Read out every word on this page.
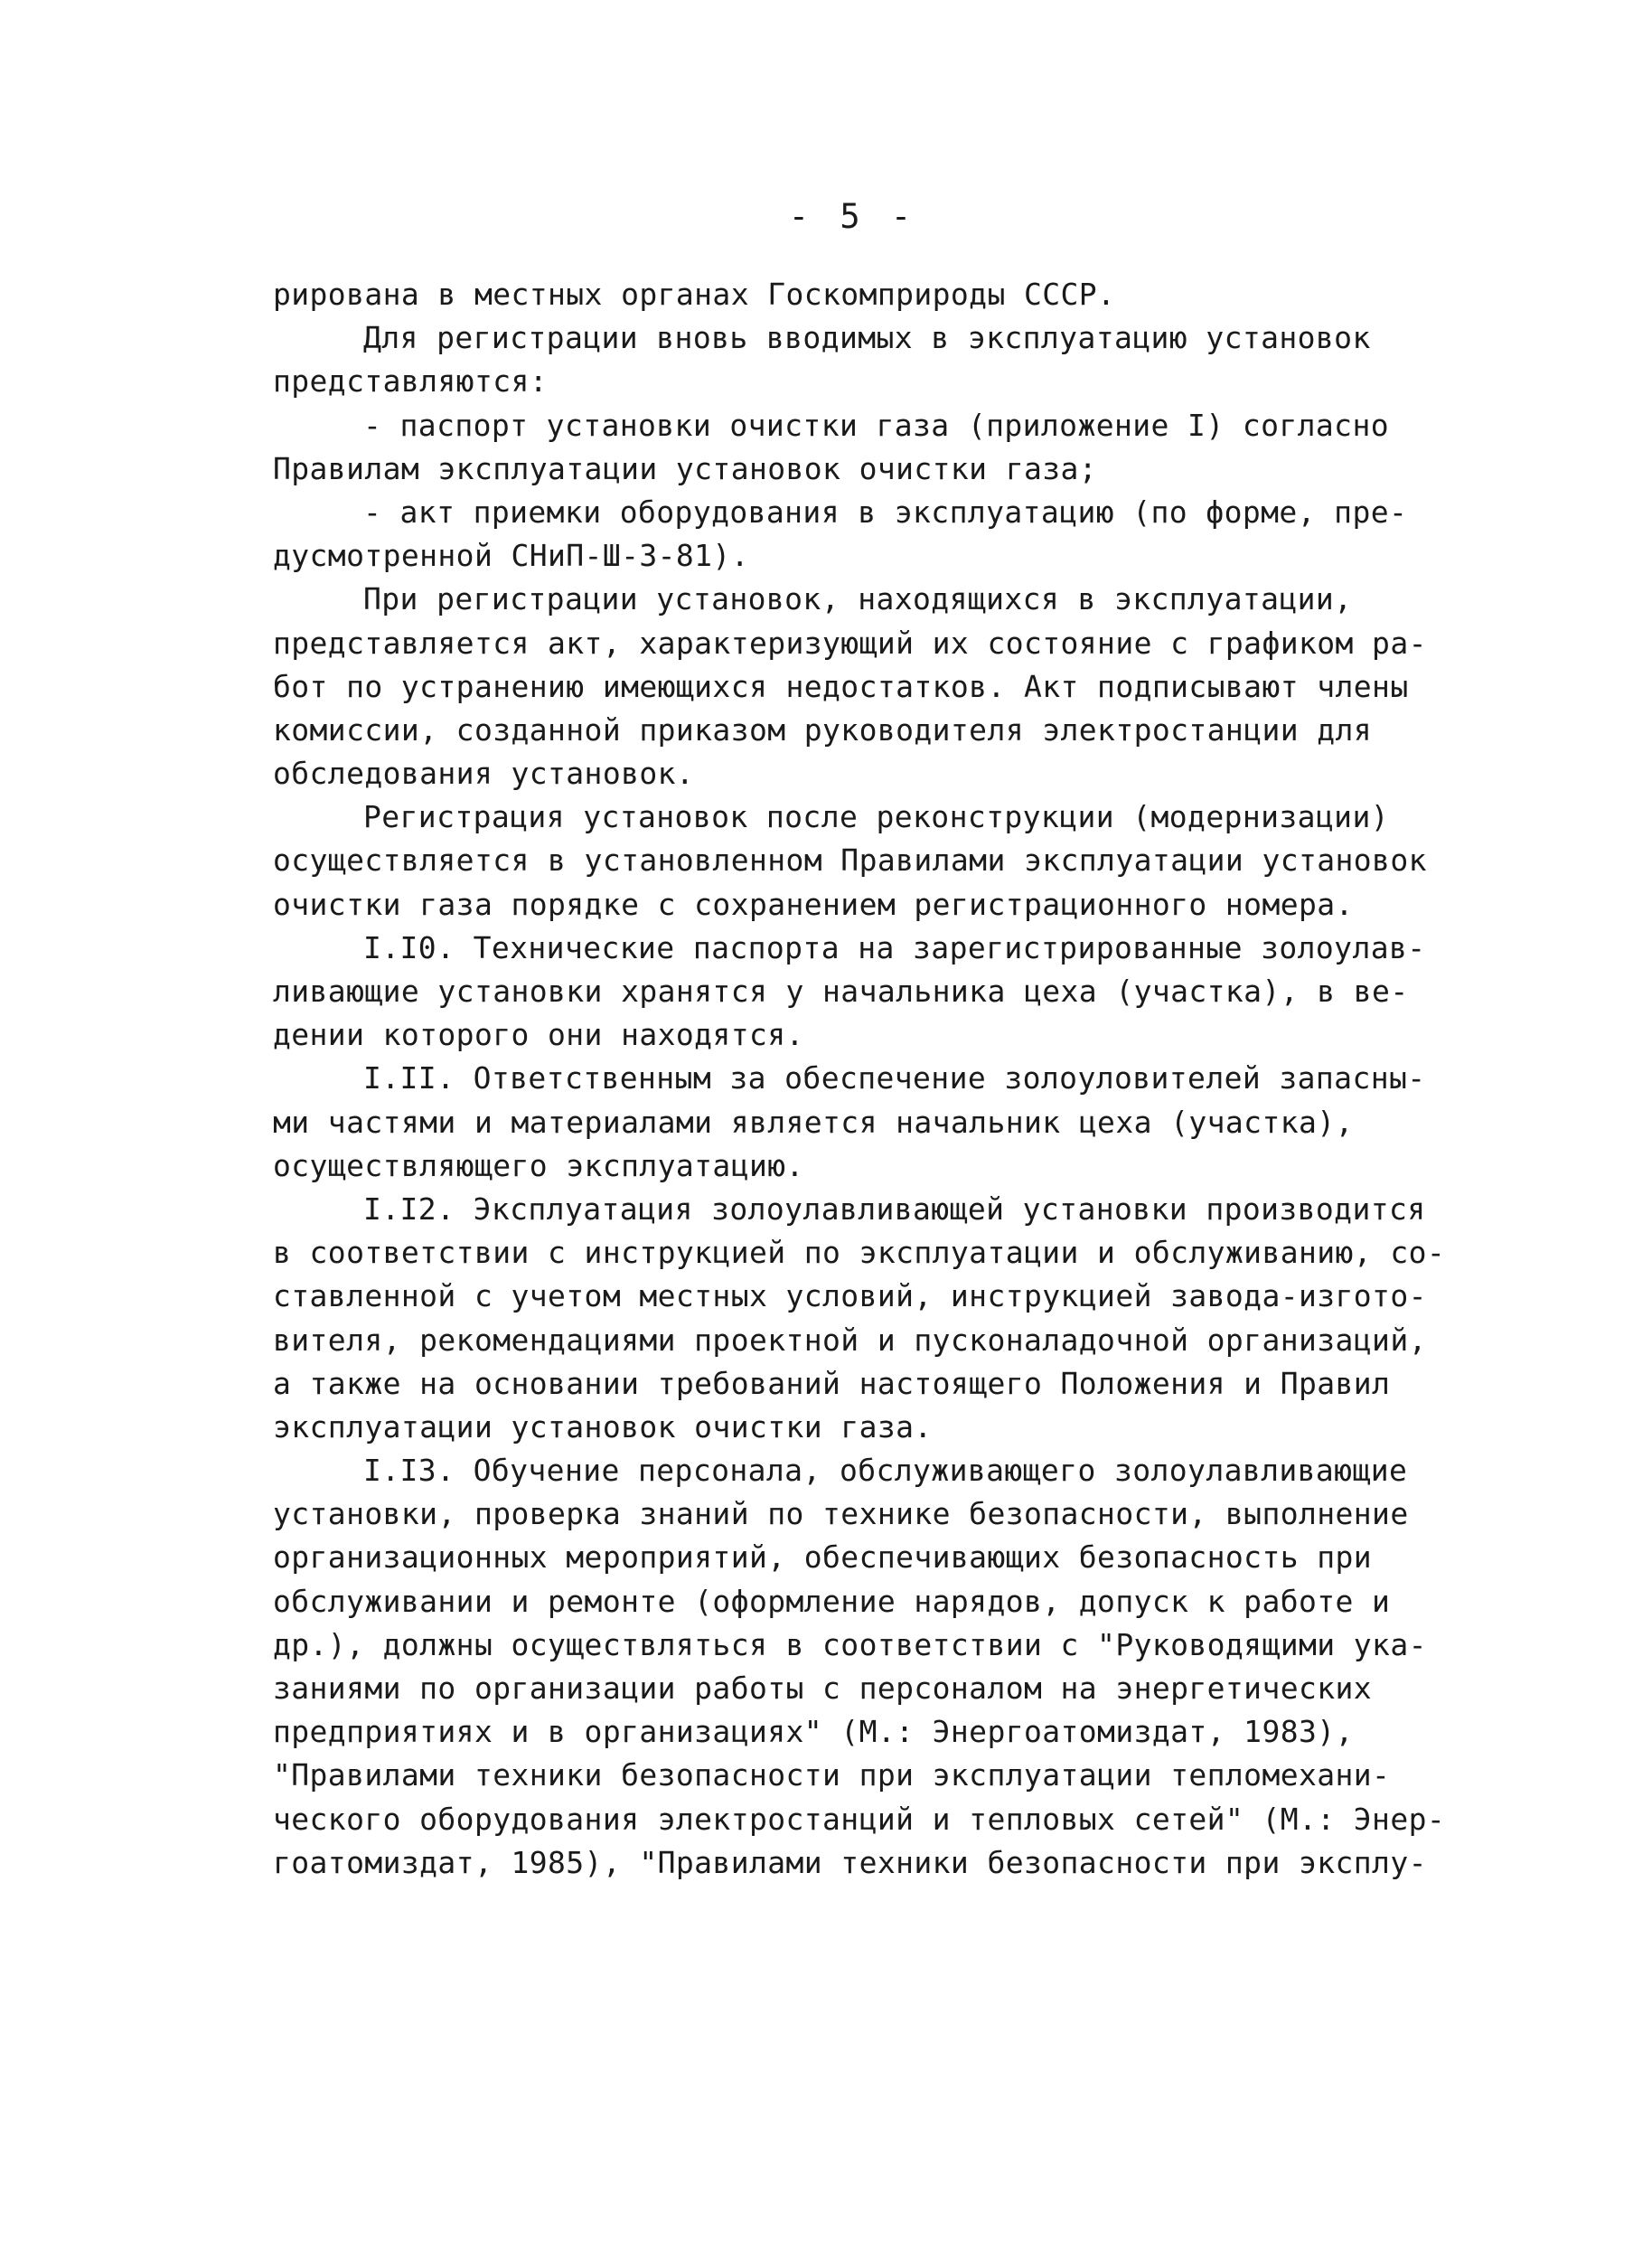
- 5 -
рирована в местных органах Госкомприроды СССР.
Для регистрации вновь вводимых в эксплуатацию установок
представляются:
- паспорт установки очистки газа (приложение I) согласно
Правилам эксплуатации установок очистки газа;
- акт приемки оборудования в эксплуатацию (по форме, пре-
дусмотренной СНиП-Ш-3-81).
При регистрации установок, находящихся в эксплуатации,
представляется акт, характеризующий их состояние с графиком ра-
бот по устранению имеющихся недостатков. Акт подписывают члены
комиссии, созданной приказом руководителя электростанции для
обследования установок.
Регистрация установок после реконструкции (модернизации)
осуществляется в установленном Правилами эксплуатации установок
очистки газа порядке с сохранением регистрационного номера.
I.I0. Технические паспорта на зарегистрированные золоулав-
ливающие установки хранятся у начальника цеха (участка), в ве-
дении которого они находятся.
I.II. Ответственным за обеспечение золоуловителей запасны-
ми частями и материалами является начальник цеха (участка),
осуществляющего эксплуатацию.
I.I2. Эксплуатация золоулавливающей установки производится
в соответствии с инструкцией по эксплуатации и обслуживанию, со-
ставленной с учетом местных условий, инструкцией завода-изгото-
вителя, рекомендациями проектной и пусконаладочной организаций,
а также на основании требований настоящего Положения и Правил
эксплуатации установок очистки газа.
I.I3. Обучение персонала, обслуживающего золоулавливающие
установки, проверка знаний по технике безопасности, выполнение
организационных мероприятий, обеспечивающих безопасность при
обслуживании и ремонте (оформление нарядов, допуск к работе и
др.), должны осуществляться в соответствии с "Руководящими ука-
заниями по организации работы с персоналом на энергетических
предприятиях и в организациях" (М.: Энергоатомиздат, 1983),
"Правилами техники безопасности при эксплуатации тепломехани-
ческого оборудования электростанций и тепловых сетей" (М.: Энер-
гоатомиздат, 1985), "Правилами техники безопасности при эксплу-
